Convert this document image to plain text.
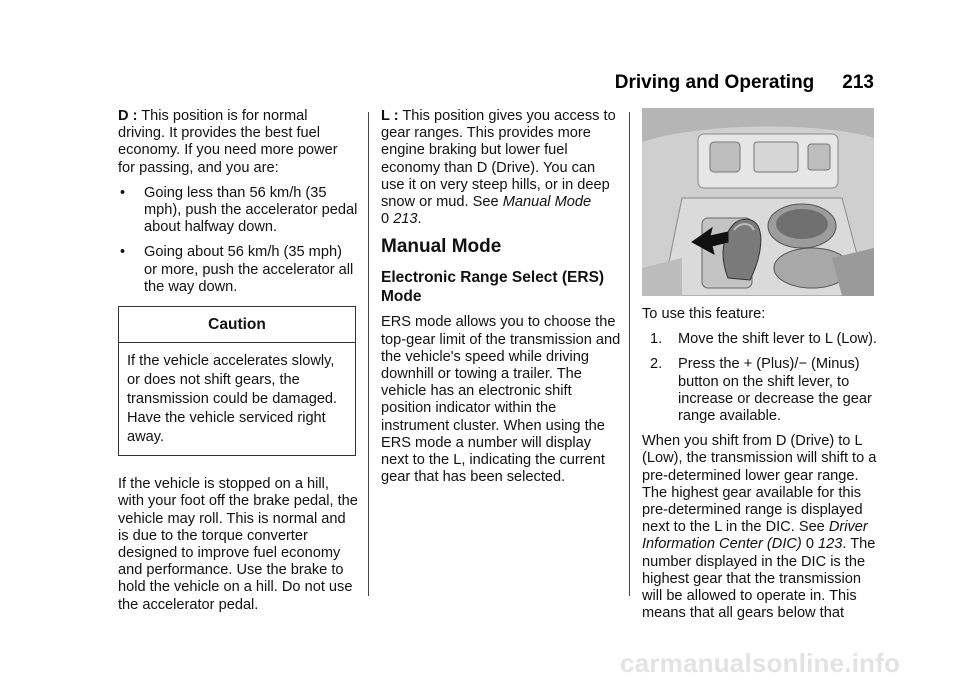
Driving and Operating 213

D : This position is for normal driving. It provides the best fuel economy. If you need more power for passing, and you are:

• Going less than 56 km/h (35 mph), push the accelerator pedal about halfway down.
• Going about 56 km/h (35 mph) or more, push the accelerator all the way down.
Caution
If the vehicle accelerates slowly, or does not shift gears, the transmission could be damaged. Have the vehicle serviced right away.

If the vehicle is stopped on a hill, with your foot off the brake pedal, the vehicle may roll. This is normal and is due to the torque converter designed to improve fuel economy and performance. Use the brake to hold the vehicle on a hill. Do not use the accelerator pedal.

L : This position gives you access to gear ranges. This provides more engine braking but lower fuel economy than D (Drive). You can use it on very steep hills, or in deep snow or mud. See Manual Mode
0 213.

Manual Mode
Electronic Range Select (ERS) Mode

ERS mode allows you to choose the top-gear limit of the transmission and the vehicle's speed while driving downhill or towing a trailer. The vehicle has an electronic shift position indicator within the instrument cluster. When using the ERS mode a number will display next to the L, indicating the current gear that has been selected.

To use this feature:

1. Move the shift lever to L (Low).
2. Press the + (Plus)/− (Minus) button on the shift lever, to increase or decrease the gear range available.

When you shift from D (Drive) to L (Low), the transmission will shift to a pre-determined lower gear range. The highest gear available for this pre-determined range is displayed next to the L in the DIC. See Driver Information Center (DIC) 0 123. The number displayed in the DIC is the highest gear that the transmission will be allowed to operate in. This means that all gears below that

carmanualsonline.info
